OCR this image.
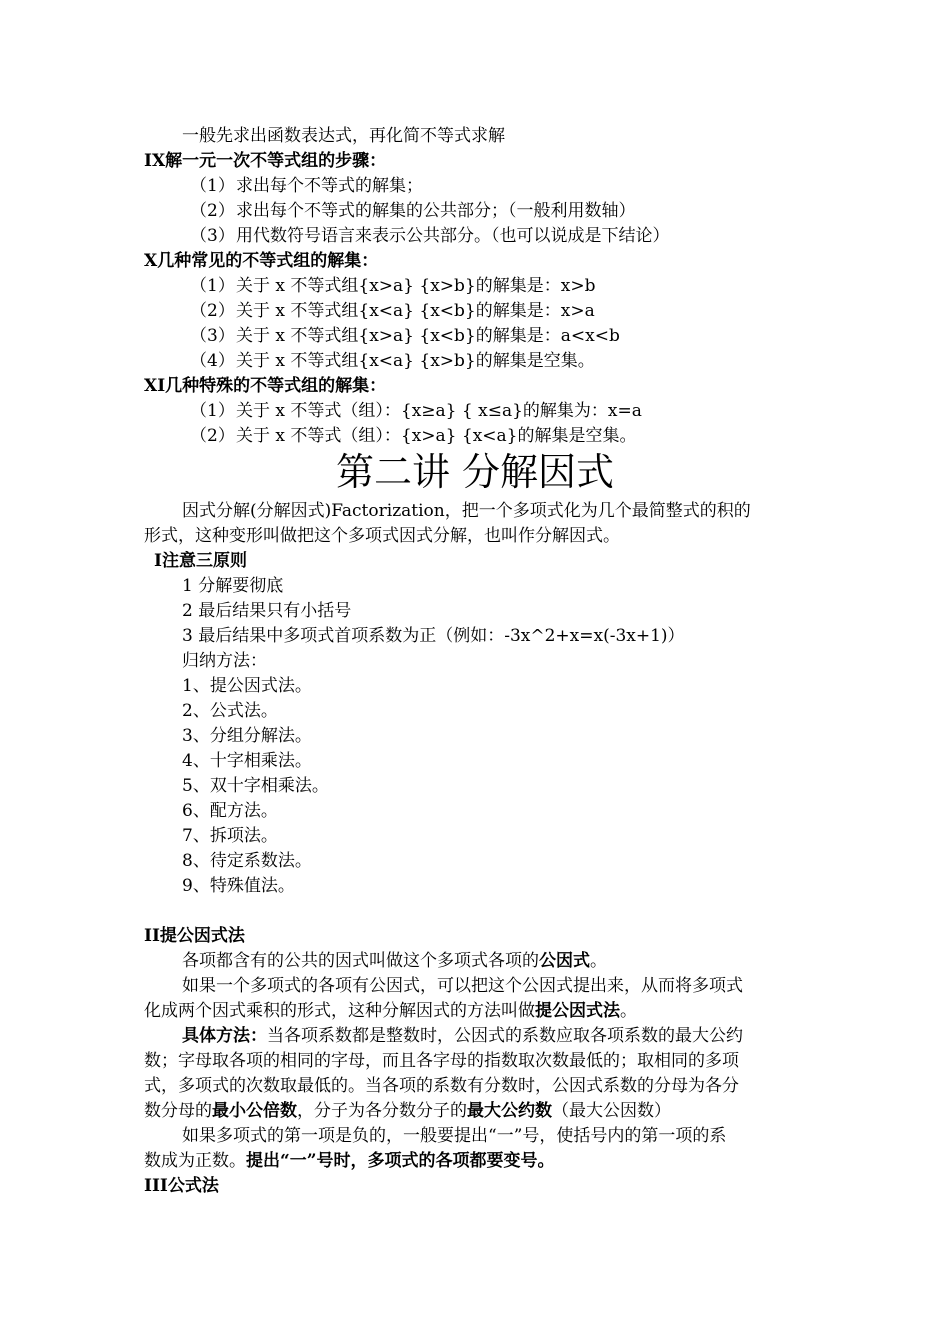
一般先求出函数表达式，再化简不等式求解
IX解一元一次不等式组的步骤：
（1）求出每个不等式的解集；
（2）求出每个不等式的解集的公共部分；（一般利用数轴）
（3）用代数符号语言来表示公共部分。（也可以说成是下结论）
X几种常见的不等式组的解集：
（1）关于 x 不等式组{x>a} {x>b}的解集是：x>b
（2）关于 x 不等式组{x<a} {x<b}的解集是：x>a
（3）关于 x 不等式组{x>a} {x<b}的解集是：a<x<b
（4）关于 x 不等式组{x<a} {x>b}的解集是空集。
XI几种特殊的不等式组的解集：
（1）关于 x 不等式（组）：{x≥a} { x≤a}的解集为：x=a
（2）关于 x 不等式（组）：{x>a} {x<a}的解集是空集。
第二讲 分解因式
因式分解(分解因式)Factorization，把一个多项式化为几个最简整式的积的
形式，这种变形叫做把这个多项式因式分解，也叫作分解因式。
I注意三原则
1 分解要彻底
2 最后结果只有小括号
3 最后结果中多项式首项系数为正（例如：-3x^2+x=x(-3x+1)）
归纳方法：
1、提公因式法。
2、公式法。
3、分组分解法。
4、十字相乘法。
5、双十字相乘法。
6、配方法。
7、拆项法。
8、待定系数法。
9、特殊值法。
II提公因式法
各项都含有的公共的因式叫做这个多项式各项的公因式。
如果一个多项式的各项有公因式，可以把这个公因式提出来，从而将多项式
化成两个因式乘积的形式，这种分解因式的方法叫做提公因式法。
具体方法：当各项系数都是整数时，公因式的系数应取各项系数的最大公约
数；字母取各项的相同的字母，而且各字母的指数取次数最低的；取相同的多项
式，多项式的次数取最低的。当各项的系数有分数时，公因式系数的分母为各分
数分母的最小公倍数，分子为各分数分子的最大公约数（最大公因数）
如果多项式的第一项是负的，一般要提出“一”号，使括号内的第一项的系
数成为正数。提出“一”号时，多项式的各项都要变号。
III公式法
